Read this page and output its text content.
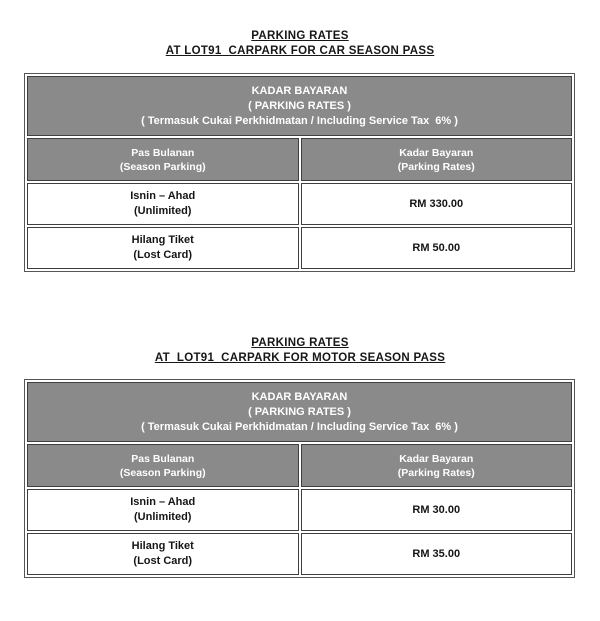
PARKING RATES
AT LOT91  CARPARK FOR CAR SEASON PASS
KADAR BAYARAN
( PARKING RATES )
( Termasuk Cukai Perkhidmatan / Including Service Tax  6% )	

Pas Bulanan
(Season Parking)	Kadar Bayaran
(Parking Rates)

Isnin – Ahad
(Unlimited)	RM 330.00

Hilang Tiket
(Lost Card)	RM 50.00
PARKING RATES
AT  LOT91  CARPARK FOR MOTOR SEASON PASS
KADAR BAYARAN
( PARKING RATES )
( Termasuk Cukai Perkhidmatan / Including Service Tax  6% )	

Pas Bulanan
(Season Parking)	Kadar Bayaran
(Parking Rates)

Isnin – Ahad
(Unlimited)	RM 30.00

Hilang Tiket
(Lost Card)	RM 35.00
